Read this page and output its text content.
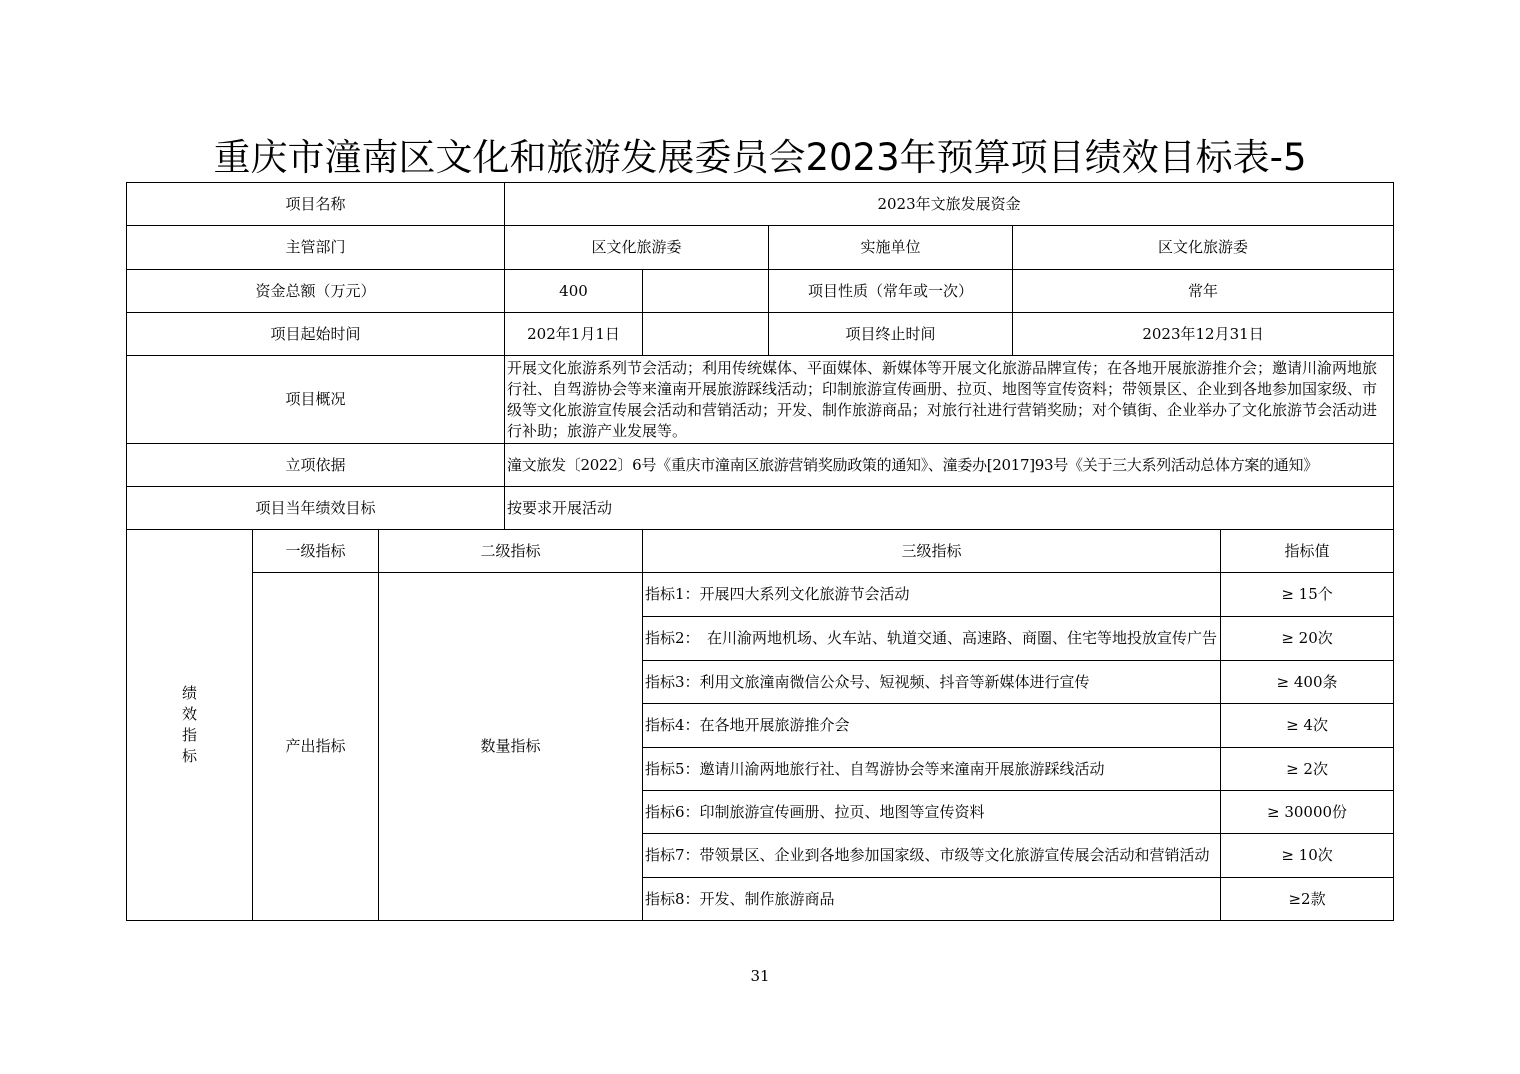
重庆市潼南区文化和旅游发展委员会2023年预算项目绩效目标表-5
项目名称			2023年文旅发展资金				
主管部门			区文化旅游委		实施单位	区文化旅游委	
资金总额（万元）			400		项目性质（常年或一次）	常年	
项目起始时间			202年1月1日		项目终止时间	2023年12月31日	
项目概况			开展文化旅游系列节会活动；利用传统媒体、平面媒体、新媒体等开展文化旅游品牌宣传；在各地开展旅游推介会；邀请川渝两地旅行社、自驾游协会等来潼南开展旅游踩线活动；印制旅游宣传画册、拉页、地图等宣传资料；带领景区、企业到各地参加国家级、市级等文化旅游宣传展会活动和营销活动；开发、制作旅游商品；对旅行社进行营销奖励；对个镇街、企业举办了文化旅游节会活动进行补助；旅游产业发展等。				
立项依据			潼文旅发〔2022〕6号《重庆市潼南区旅游营销奖励政策的通知》、潼委办[2017]93号《关于三大系列活动总体方案的通知》				
项目当年绩效目标			按要求开展活动				

绩
效
指
标	一级指标	二级指标		三级指标			指标值
	产出指标	数量指标		指标1：开展四大系列文化旅游节会活动			≥ 15个
				指标2：　在川渝两地机场、火车站、轨道交通、高速路、商圈、住宅等地投放宣传广告			≥ 20次
				指标3：利用文旅潼南微信公众号、短视频、抖音等新媒体进行宣传			≥ 400条
				指标4：在各地开展旅游推介会			≥ 4次
				指标5：邀请川渝两地旅行社、自驾游协会等来潼南开展旅游踩线活动			≥ 2次
				指标6：印制旅游宣传画册、拉页、地图等宣传资料			≥ 30000份
				指标7：带领景区、企业到各地参加国家级、市级等文化旅游宣传展会活动和营销活动			≥ 10次
				指标8：开发、制作旅游商品			≥2款
31
